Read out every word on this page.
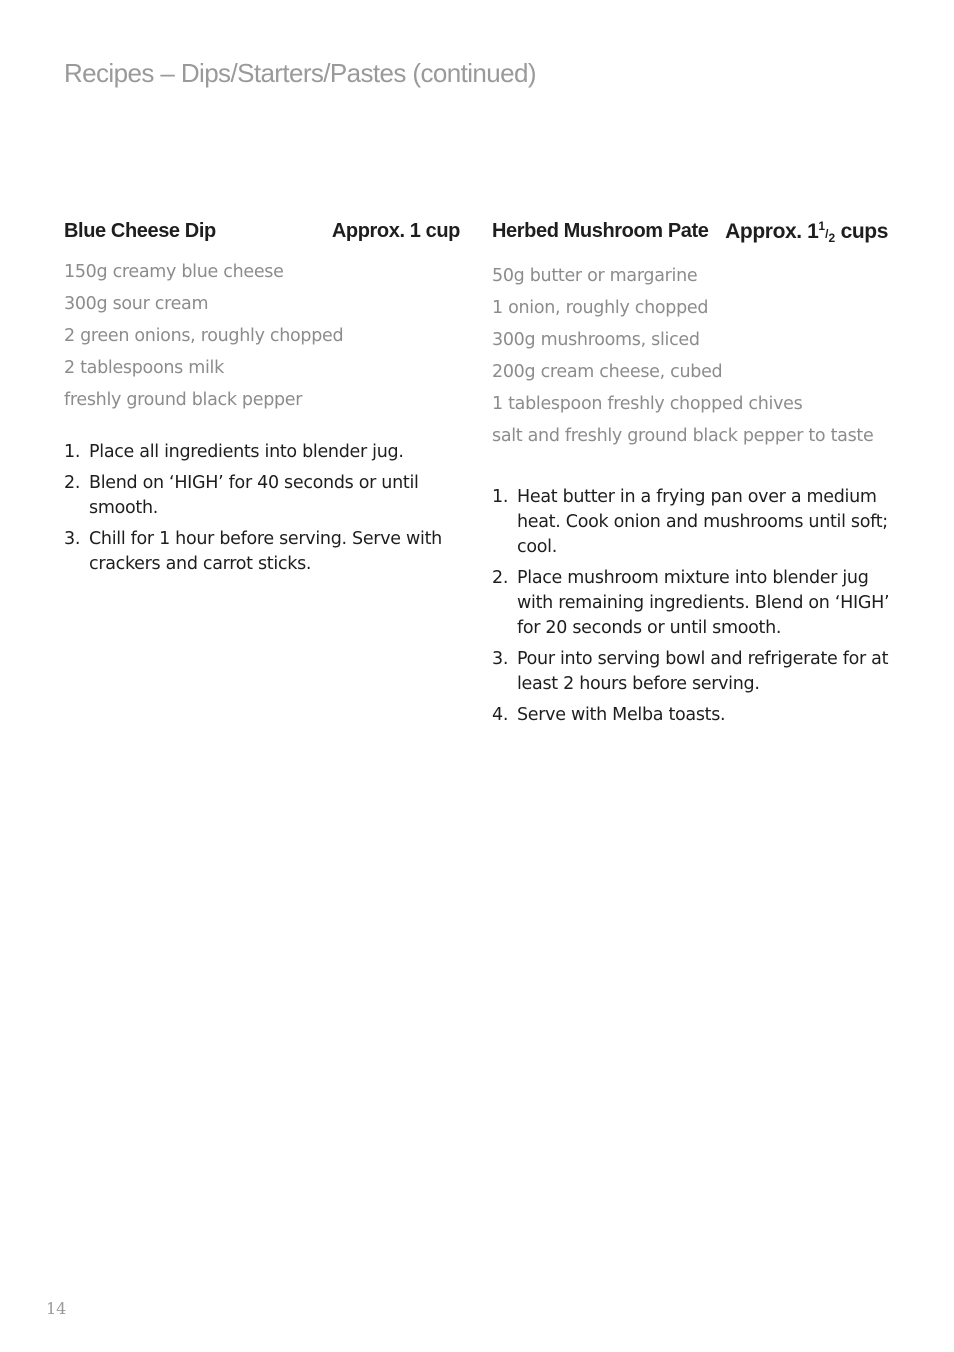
Recipes – Dips/Starters/Pastes (continued)
Blue Cheese Dip	Approx. 1 cup
150g creamy blue cheese
300g sour cream
2 green onions, roughly chopped
2 tablespoons milk
freshly ground black pepper
1. Place all ingredients into blender jug.
2. Blend on ‘HIGH’ for 40 seconds or until smooth.
3. Chill for 1 hour before serving. Serve with crackers and carrot sticks.
Herbed Mushroom Pate Approx. 11/2 cups
50g butter or margarine
1 onion, roughly chopped
300g mushrooms, sliced
200g cream cheese, cubed
1 tablespoon freshly chopped chives
salt and freshly ground black pepper to taste
1. Heat butter in a frying pan over a medium heat. Cook onion and mushrooms until soft; cool.
2. Place mushroom mixture into blender jug with remaining ingredients. Blend on ‘HIGH’ for 20 seconds or until smooth.
3. Pour into serving bowl and refrigerate for at least 2 hours before serving.
4. Serve with Melba toasts.
14
